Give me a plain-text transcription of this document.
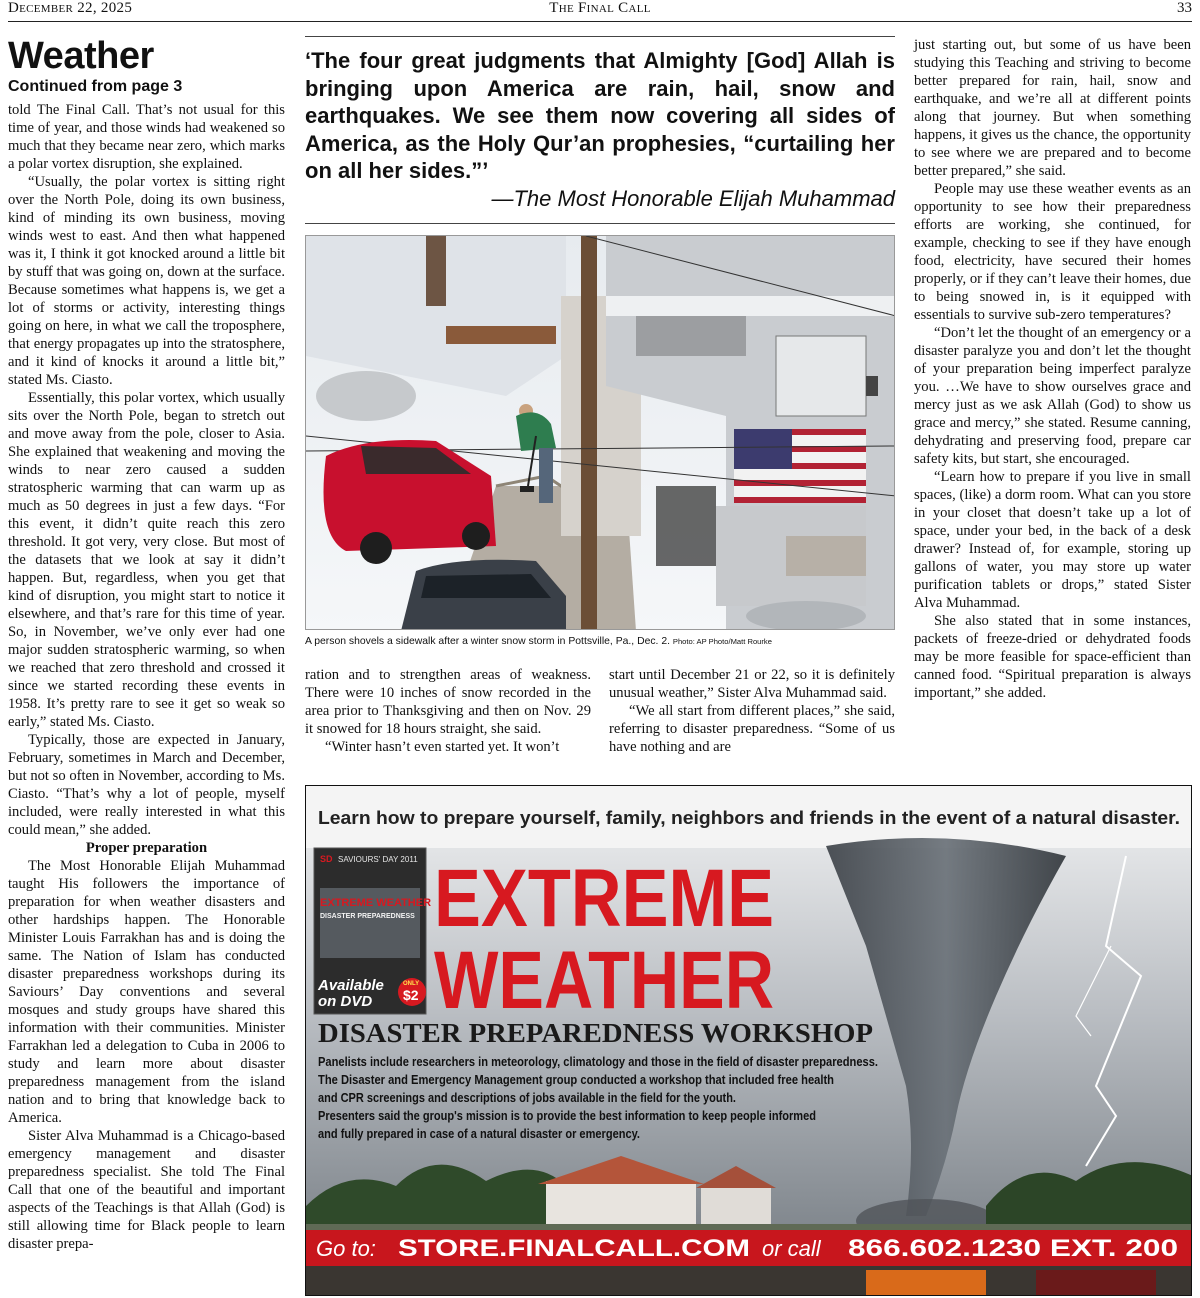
December 22, 2025	The Final Call	33
Weather
Continued from page 3

told The Final Call. That’s not usual for this time of year, and those winds had weakened so much that they became near zero, which marks a polar vortex disruption, she explained.

“Usually, the polar vortex is sitting right over the North Pole, doing its own business, kind of minding its own business, moving winds west to east. And then what happened was it, I think it got knocked around a little bit by stuff that was going on, down at the surface. Because sometimes what happens is, we get a lot of storms or activity, interesting things going on here, in what we call the troposphere, that energy propagates up into the stratosphere, and it kind of knocks it around a little bit,” stated Ms. Ciasto.

Essentially, this polar vortex, which usually sits over the North Pole, began to stretch out and move away from the pole, closer to Asia. She explained that weakening and moving the winds to near zero caused a sudden stratospheric warming that can warm up as much as 50 degrees in just a few days. “For this event, it didn’t quite reach this zero threshold. It got very, very close. But most of the datasets that we look at say it didn’t happen. But, regardless, when you get that kind of disruption, you might start to notice it elsewhere, and that’s rare for this time of year. So, in November, we’ve only ever had one major sudden stratospheric warming, so when we reached that zero threshold and crossed it since we started recording these events in 1958. It’s pretty rare to see it get so weak so early,” stated Ms. Ciasto.

Typically, those are expected in January, February, sometimes in March and December, but not so often in November, according to Ms. Ciasto. “That’s why a lot of people, myself included, were really interested in what this could mean,” she added.

Proper preparation

The Most Honorable Elijah Muhammad taught His followers the importance of preparation for when weather disasters and other hardships happen. The Honorable Minister Louis Farrakhan has and is doing the same. The Nation of Islam has conducted disaster preparedness workshops during its Saviours’ Day conventions and several mosques and study groups have shared this information with their communities. Minister Farrakhan led a delegation to Cuba in 2006 to study and learn more about disaster preparedness management from the island nation and to bring that knowledge back to America.

Sister Alva Muhammad is a Chicago-based emergency management and disaster preparedness specialist. She told The Final Call that one of the beautiful and important aspects of the Teachings is that Allah (God) is still allowing time for Black people to learn disaster prepa-

‘The four great judgments that Almighty [God] Allah is bringing upon America are rain, hail, snow and earthquakes. We see them now covering all sides of America, as the Holy Qur’an prophesies, “curtailing her on all her sides.”’
—The Most Honorable Elijah Muhammad
A person shovels a sidewalk after a winter snow storm in Pottsville, Pa., Dec. 2. Photo: AP Photo/Matt Rourke

ration and to strengthen areas of weakness. There were 10 inches of snow recorded in the area prior to Thanksgiving and then on Nov. 29 it snowed for 18 hours straight, she said.

“Winter hasn’t even started yet. It won’t

start until December 21 or 22, so it is definitely unusual weather,” Sister Alva Muhammad said.

“We all start from different places,” she said, referring to disaster preparedness. “Some of us have nothing and are

just starting out, but some of us have been studying this Teaching and striving to become better prepared for rain, hail, snow and earthquake, and we’re all at different points along that journey. But when something happens, it gives us the chance, the opportunity to see where we are prepared and to become better prepared,” she said.

People may use these weather events as an opportunity to see how their preparedness efforts are working, she continued, for example, checking to see if they have enough food, electricity, have secured their homes properly, or if they can’t leave their homes, due to being snowed in, is it equipped with essentials to survive sub-zero temperatures?

“Don’t let the thought of an emergency or a disaster paralyze you and don’t let the thought of your preparation being imperfect paralyze you. …We have to show ourselves grace and mercy just as we ask Allah (God) to show us grace and mercy,” she stated. Resume canning, dehydrating and preserving food, prepare car safety kits, but start, she encouraged.

“Learn how to prepare if you live in small spaces, (like) a dorm room. What can you store in your closet that doesn’t take up a lot of space, under your bed, in the back of a desk drawer? Instead of, for example, storing up gallons of water, you may store up water purification tablets or drops,” stated Sister Alva Muhammad.

She also stated that in some instances, packets of freeze-dried or dehydrated foods may be more feasible for space-efficient than canned food. “Spiritual preparation is always important,” she added.

SD SAVIOURS' DAY 2011
EXTREME WEATHER
DISASTER PREPAREDNESS
Available
on DVD
ONLY
$2
Learn how to prepare yourself, family, neighbors and friends in the event of a natural disaster.
EXTREME
WEATHER
DISASTER PREPAREDNESS WORKSHOP
Panelists include researchers in meteorology, climatology and those in the field of disaster preparedness.
The Disaster and Emergency Management group conducted a workshop that included free health
and CPR screenings and descriptions of jobs available in the field for the youth.
Presenters said the group's mission is to provide the best information to keep people informed
and fully prepared in case of a natural disaster or emergency.
Go to: STORE.FINALCALL.COM or call 866.602.1230 EXT. 200
